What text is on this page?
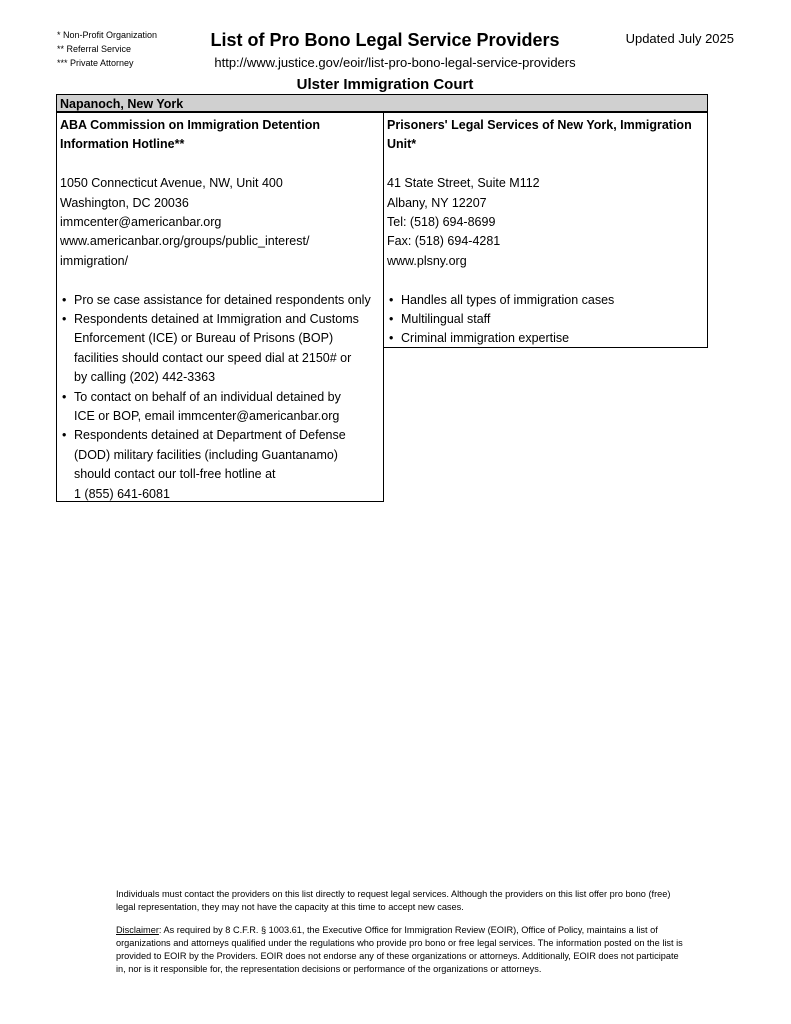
* Non-Profit Organization
** Referral Service
*** Private Attorney
List of Pro Bono Legal Service Providers	Updated July 2025
http://www.justice.gov/eoir/list-pro-bono-legal-service-providers
Ulster Immigration Court
Napanoch, New York
ABA Commission on Immigration Detention
Information Hotline**
1050 Connecticut Avenue, NW, Unit 400
Washington, DC 20036
immcenter@americanbar.org
www.americanbar.org/groups/public_interest/
immigration/
• Pro se case assistance for detained respondents only
• Respondents detained at Immigration and Customs
Enforcement (ICE) or Bureau of Prisons (BOP)
facilities should contact our speed dial at 2150# or
by calling (202) 442-3363
• To contact on behalf of an individual detained by
ICE or BOP, email immcenter@americanbar.org
• Respondents detained at Department of Defense
(DOD) military facilities (including Guantanamo)
should contact our toll-free hotline at
1 (855) 641-6081
Prisoners' Legal Services of New York, Immigration
Unit*
41 State Street, Suite M112
Albany, NY 12207
Tel: (518) 694-8699
Fax: (518) 694-4281
www.plsny.org
• Handles all types of immigration cases
• Multilingual staff
• Criminal immigration expertise

Individuals must contact the providers on this list directly to request legal services. Although the providers on this list offer pro bono (free) legal representation, they may not have the capacity at this time to accept new cases.

Disclaimer: As required by 8 C.F.R. § 1003.61, the Executive Office for Immigration Review (EOIR), Office of Policy, maintains a list of organizations and attorneys qualified under the regulations who provide pro bono or free legal services. The information posted on the list is provided to EOIR by the Providers. EOIR does not endorse any of these organizations or attorneys. Additionally, EOIR does not participate in, nor is it responsible for, the representation decisions or performance of the organizations or attorneys.
